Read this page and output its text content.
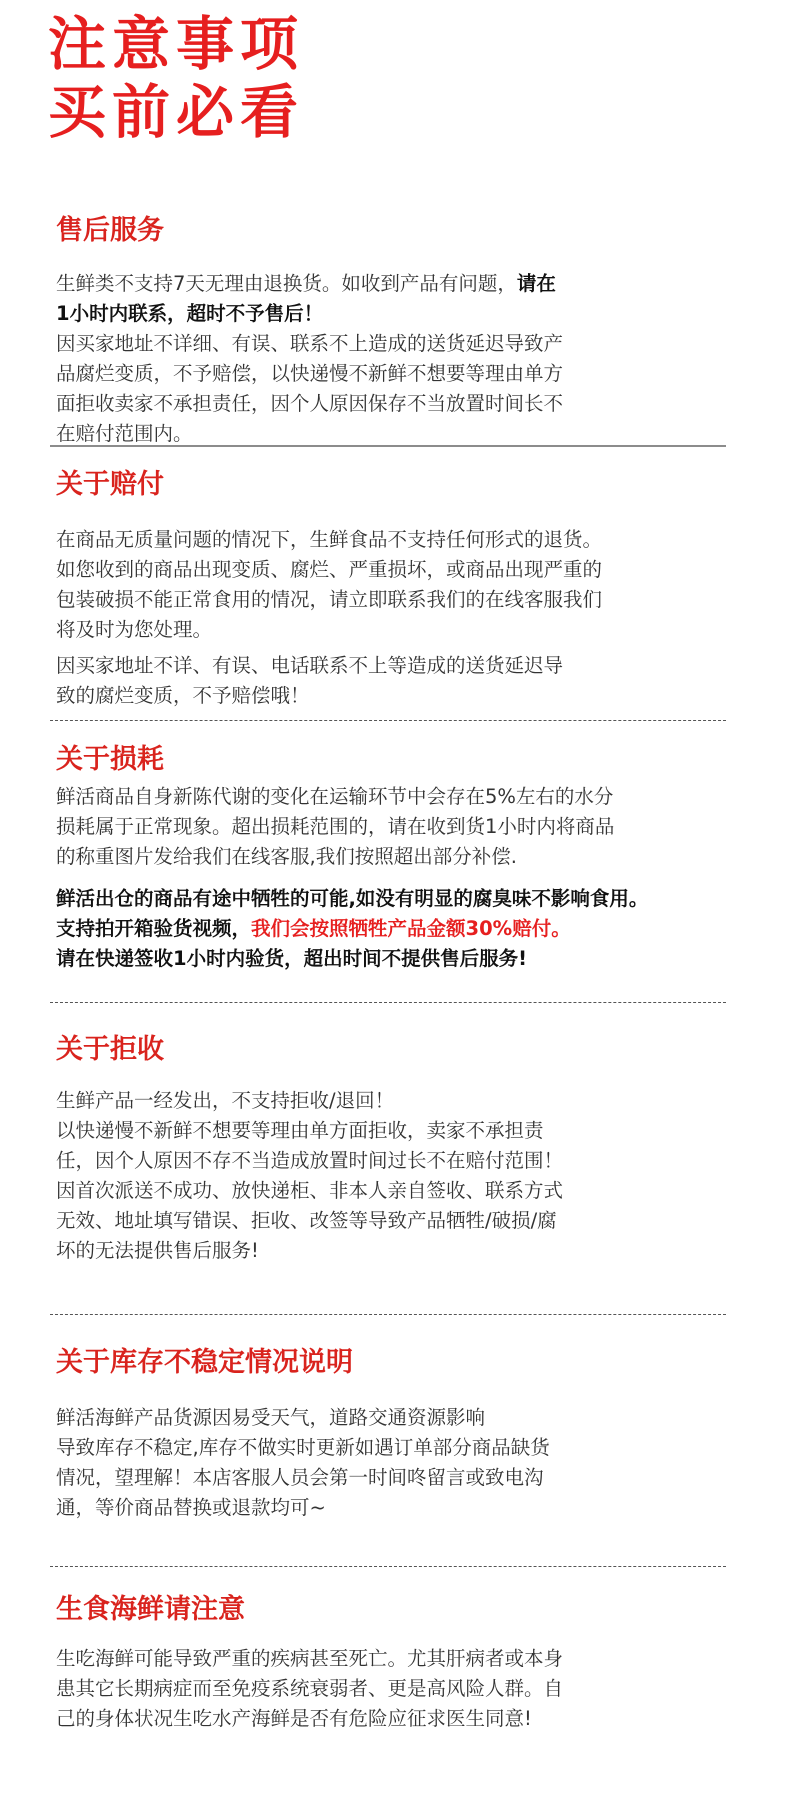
注意事项
买前必看
售后服务

生鲜类不支持7天无理由退换货。如收到产品有问题，请在

1小时内联系，超时不予售后！

因买家地址不详细、有误、联系不上造成的送货延迟导致产

品腐烂变质，不予赔偿，以快递慢不新鲜不想要等理由单方

面拒收卖家不承担责任，因个人原因保存不当放置时间长不

在赔付范围内。

关于赔付

在商品无质量问题的情况下，生鲜食品不支持任何形式的退货。

如您收到的商品出现变质、腐烂、严重损坏，或商品出现严重的

包装破损不能正常食用的情况，请立即联系我们的在线客服我们

将及时为您处理。

因买家地址不详、有误、电话联系不上等造成的送货延迟导

致的腐烂变质，不予赔偿哦！

关于损耗

鲜活商品自身新陈代谢的变化在运输环节中会存在5%左右的水分

损耗属于正常现象。超出损耗范围的，请在收到货1小时内将商品

的称重图片发给我们在线客服,我们按照超出部分补偿.

鲜活出仓的商品有途中牺牲的可能,如没有明显的腐臭味不影响食用。

支持拍开箱验货视频，我们会按照牺牲产品金额30%赔付。

请在快递签收1小时内验货，超出时间不提供售后服务!

关于拒收

生鲜产品一经发出，不支持拒收/退回！

以快递慢不新鲜不想要等理由单方面拒收，卖家不承担责

任，因个人原因不存不当造成放置时间过长不在赔付范围！

因首次派送不成功、放快递柜、非本人亲自签收、联系方式

无效、地址填写错误、拒收、改签等导致产品牺牲/破损/腐

坏的无法提供售后服务!

关于库存不稳定情况说明

鲜活海鲜产品货源因易受天气，道路交通资源影响

导致库存不稳定,库存不做实时更新如遇订单部分商品缺货

情况，望理解！本店客服人员会第一时间咚留言或致电沟

通，等价商品替换或退款均可~

生食海鲜请注意

生吃海鲜可能导致严重的疾病甚至死亡。尤其肝病者或本身

患其它长期病症而至免疫系统衰弱者、更是高风险人群。自

己的身体状况生吃水产海鲜是否有危险应征求医生同意!
